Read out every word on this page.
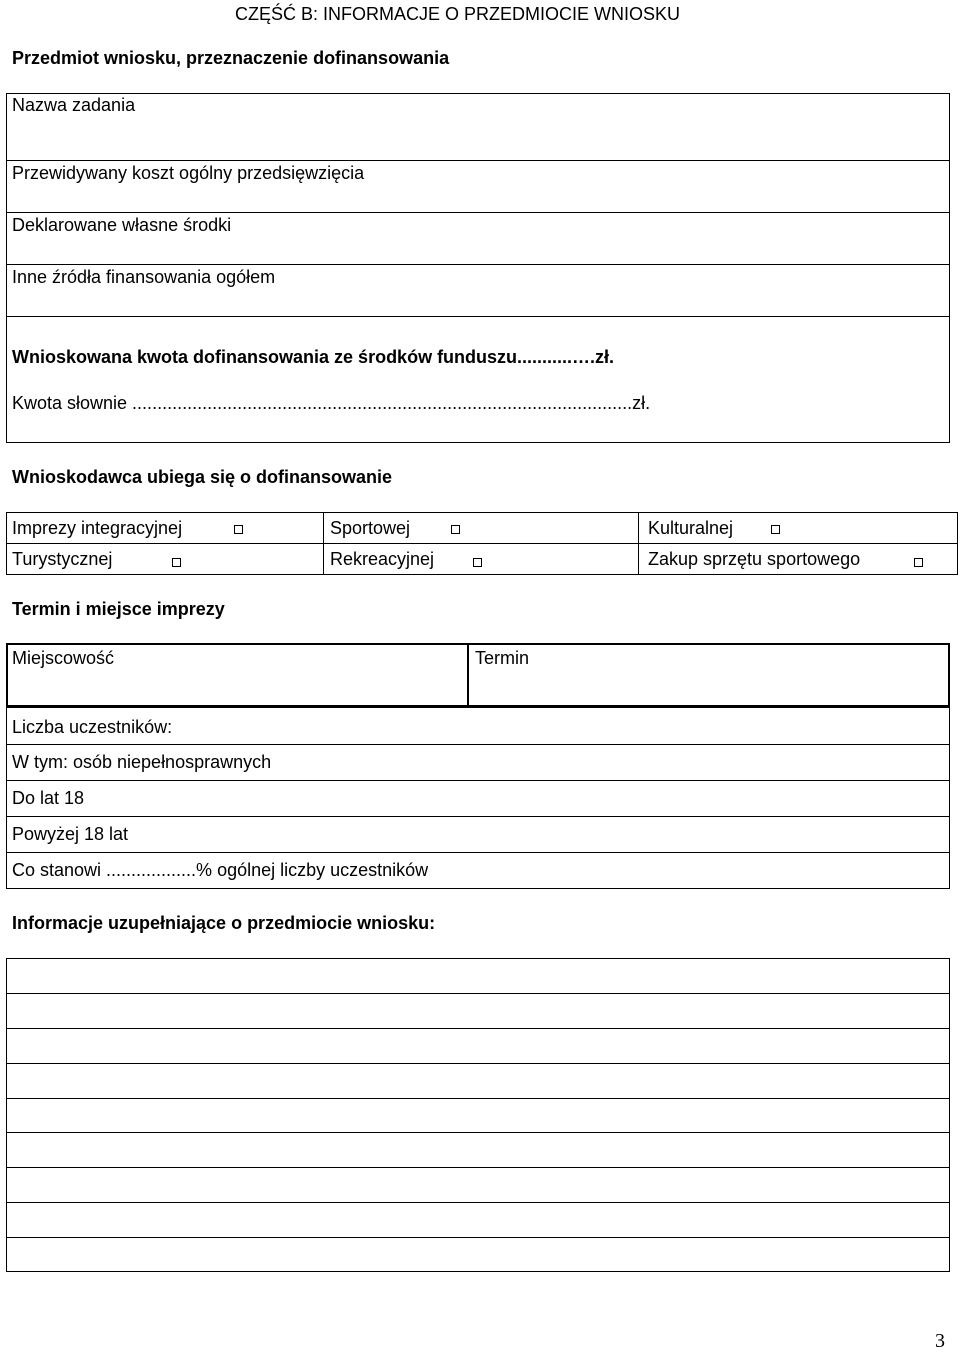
CZĘŚĆ B: INFORMACJE O PRZEDMIOCIE WNIOSKU
Przedmiot wniosku, przeznaczenie dofinansowania
Nazwa zadania
Przewidywany koszt ogólny przedsięwzięcia
Deklarowane własne środki
Inne źródła finansowania ogółem
Wnioskowana kwota dofinansowania ze środków funduszu...........….zł.
Kwota słownie ....................................................................................................zł.
Wnioskodawca ubiega się o dofinansowanie
Imprezy integracyjnej	Sportowej	Kulturalnej
Turystycznej	Rekreacyjnej	Zakup sprzętu sportowego
Termin i miejsce imprezy
Miejscowość	Termin
Liczba uczestników:
W tym: osób niepełnosprawnych
Do lat 18
Powyżej 18 lat
Co stanowi ..................% ogólnej liczby uczestników
Informacje uzupełniające o przedmiocie wniosku:
3
